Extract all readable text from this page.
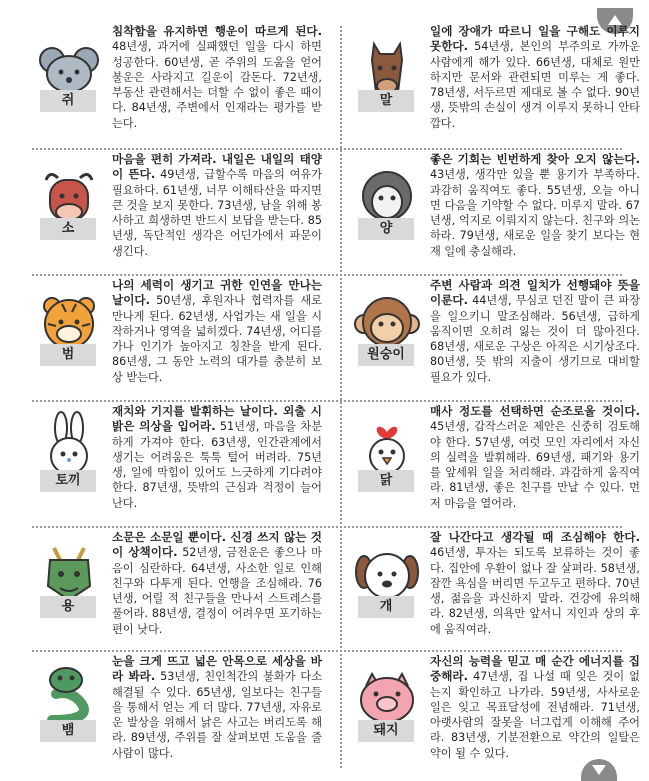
침착함을 유지하면 행운이 따르게 된다. 48년생, 과거에 실패했던 일을 다시 하면 성공한다. 60년생, 곧 주위의 도움을 얻어 불운은 사라지고 길운이 감돈다. 72년생, 부동산 관련해서는 더할 수 없이 좋은 때이다. 84년생, 주변에서 인재라는 평가를 받는다.
쥐
일에 장애가 따르니 일을 구해도 이루지 못한다. 54년생, 본인의 부주의로 가까운 사람에게 해가 있다. 66년생, 대체로 원만하지만 문서와 관련되면 미루는 게 좋다. 78년생, 서두르면 제대로 볼 수 없다. 90년생, 뜻밖의 손실이 생겨 이루지 못하니 안타깝다.
말
마음을 편히 가져라. 내일은 내일의 태양이 뜬다. 49년생, 급할수록 마음의 여유가 필요하다. 61년생, 너무 이해타산을 따지면 큰 것을 보지 못한다. 73년생, 남을 위해 봉사하고 희생하면 반드시 보답을 받는다. 85년생, 독단적인 생각은 어딘가에서 파문이 생긴다.
소
좋은 기회는 빈번하게 찾아 오지 않는다. 43년생, 생각만 있을 뿐 용기가 부족하다. 과감히 움직여도 좋다. 55년생, 오늘 아니면 다음을 기약할 수 없다. 미루지 말라. 67년생, 억지로 이뤄지지 않는다. 친구와 의논하라. 79년생, 새로운 일을 찾기 보다는 현재 일에 충실해라.
양
나의 세력이 생기고 귀한 인연을 만나는 날이다. 50년생, 후원자나 협력자를 새로 만나게 된다. 62년생, 사업가는 새 일을 시작하거나 영역을 넓히겠다. 74년생, 어디를 가나 인기가 높아지고 칭찬을 받게 된다. 86년생, 그 동안 노력의 대가를 충분히 보상 받는다.
범
주변 사람과 의견 일치가 선행돼야 뜻을 이룬다. 44년생, 무심코 던진 말이 큰 파장을 일으키니 말조심해라. 56년생, 급하게 움직이면 오히려 잃는 것이 더 많아진다. 68년생, 새로운 구상은 아직은 시기상조다. 80년생, 뜻 밖의 지출이 생기므로 대비할 필요가 있다.
원숭이
재치와 기지를 발휘하는 날이다. 외출 시 밝은 의상을 입어라. 51년생, 마음을 차분하게 가져야 한다. 63년생, 인간관계에서 생기는 어려움은 툭툭 털어 버려라. 75년생, 일에 막힘이 있어도 느긋하게 기다려야 한다. 87년생, 뜻밖의 근심과 걱정이 늘어난다.
토끼
매사 정도를 선택하면 순조로울 것이다. 45년생, 갑작스러운 제안은 신중히 검토해야 한다. 57년생, 여럿 모인 자리에서 자신의 실력을 발휘해라. 69년생, 패기와 용기를 앞세워 일을 처리해라. 과감하게 움직여라. 81년생, 좋은 친구를 만날 수 있다. 먼저 마음을 열어라.
닭
소문은 소문일 뿐이다. 신경 쓰지 않는 것이 상책이다. 52년생, 금전운은 좋으나 마음이 심란하다. 64년생, 사소한 일로 인해 친구와 다투게 된다. 언행을 조심해라. 76년생, 어릴 적 친구들을 만나서 스트레스를 풀어라. 88년생, 결정이 어려우면 포기하는 편이 낫다.
용
잘 나간다고 생각될 때 조심해야 한다. 46년생, 투자는 되도록 보류하는 것이 좋다. 집안에 우환이 없나 잘 살펴라. 58년생, 잠깐 욕심을 버리면 두고두고 편하다. 70년생, 젊음을 과신하지 말라. 건강에 유의해라. 82년생, 의욕만 앞서니 지인과 상의 후에 움직여라.
개
눈을 크게 뜨고 넓은 안목으로 세상을 바라 봐라. 53년생, 친인척간의 불화가 다소 해결될 수 있다. 65년생, 일보다는 친구들을 통해서 얻는 게 더 많다. 77년생, 자유로운 발상을 위해서 낡은 사고는 버리도록 해라. 89년생, 주위를 잘 살펴보면 도움을 줄 사람이 많다.
뱀
자신의 능력을 믿고 매 순간 에너지를 집중해라. 47년생, 집 나설 때 잊은 것이 없는지 확인하고 나가라. 59년생, 사사로운 일은 잊고 목표달성에 전념해라. 71년생, 아랫사람의 잘못을 너그럽게 이해해 주어라. 83년생, 기분전환으로 약간의 일탈은 약이 될 수 있다.
돼지
